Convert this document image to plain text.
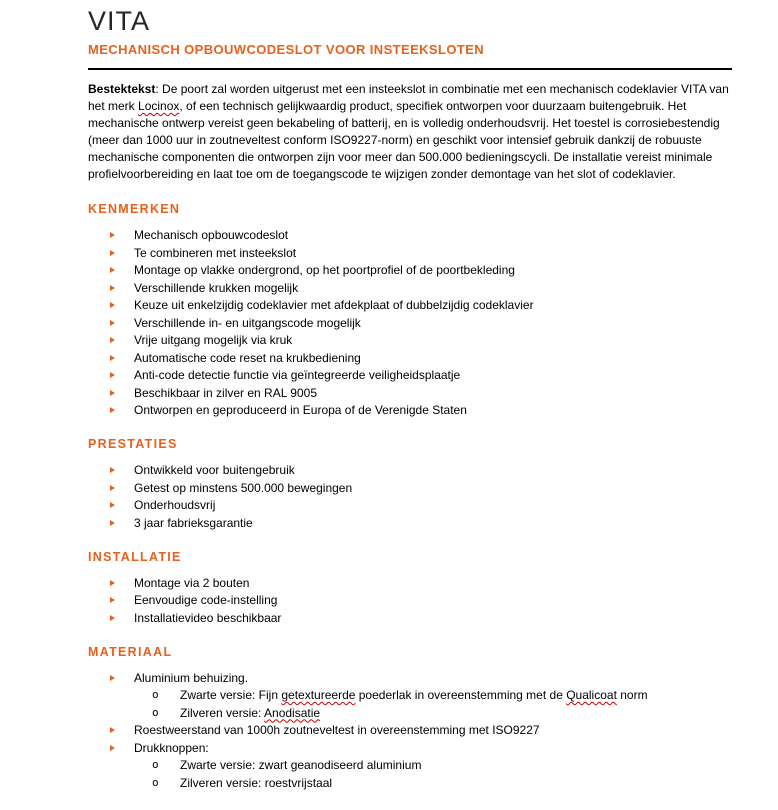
VITA
MECHANISCH OPBOUWCODESLOT VOOR INSTEEKSLOTEN

Bestektekst: De poort zal worden uitgerust met een insteekslot in combinatie met een mechanisch codeklavier VITA van het merk Locinox, of een technisch gelijkwaardig product, specifiek ontworpen voor duurzaam buitengebruik. Het mechanische ontwerp vereist geen bekabeling of batterij, en is volledig onderhoudsvrij. Het toestel is corrosiebestendig (meer dan 1000 uur in zoutneveltest conform ISO9227-norm) en geschikt voor intensief gebruik dankzij de robuuste mechanische componenten die ontworpen zijn voor meer dan 500.000 bedieningscycli. De installatie vereist minimale profielvoorbereiding en laat toe om de toegangscode te wijzigen zonder demontage van het slot of codeklavier.

KENMERKEN
Mechanisch opbouwcodeslot
Te combineren met insteekslot
Montage op vlakke ondergrond, op het poortprofiel of de poortbekleding
Verschillende krukken mogelijk
Keuze uit enkelzijdig codeklavier met afdekplaat of dubbelzijdig codeklavier
Verschillende in- en uitgangscode mogelijk
Vrije uitgang mogelijk via kruk
Automatische code reset na krukbediening
Anti-code detectie functie via geïntegreerde veiligheidsplaatje
Beschikbaar in zilver en RAL 9005
Ontworpen en geproduceerd in Europa of de Verenigde Staten
PRESTATIES
Ontwikkeld voor buitengebruik
Getest op minstens 500.000 bewegingen
Onderhoudsvrij
3 jaar fabrieksgarantie
INSTALLATIE
Montage via 2 bouten
Eenvoudige code-instelling
Installatievideo beschikbaar
MATERIAAL
Aluminium behuizing.
o	Zwarte versie: Fijn getextureerde poederlak in overeenstemming met de Qualicoat norm
o	Zilveren versie: Anodisatie
Roestweerstand van 1000h zoutneveltest in overeenstemming met ISO9227
Drukknoppen:
o	Zwarte versie: zwart geanodiseerd aluminium
o	Zilveren versie: roestvrijstaal
